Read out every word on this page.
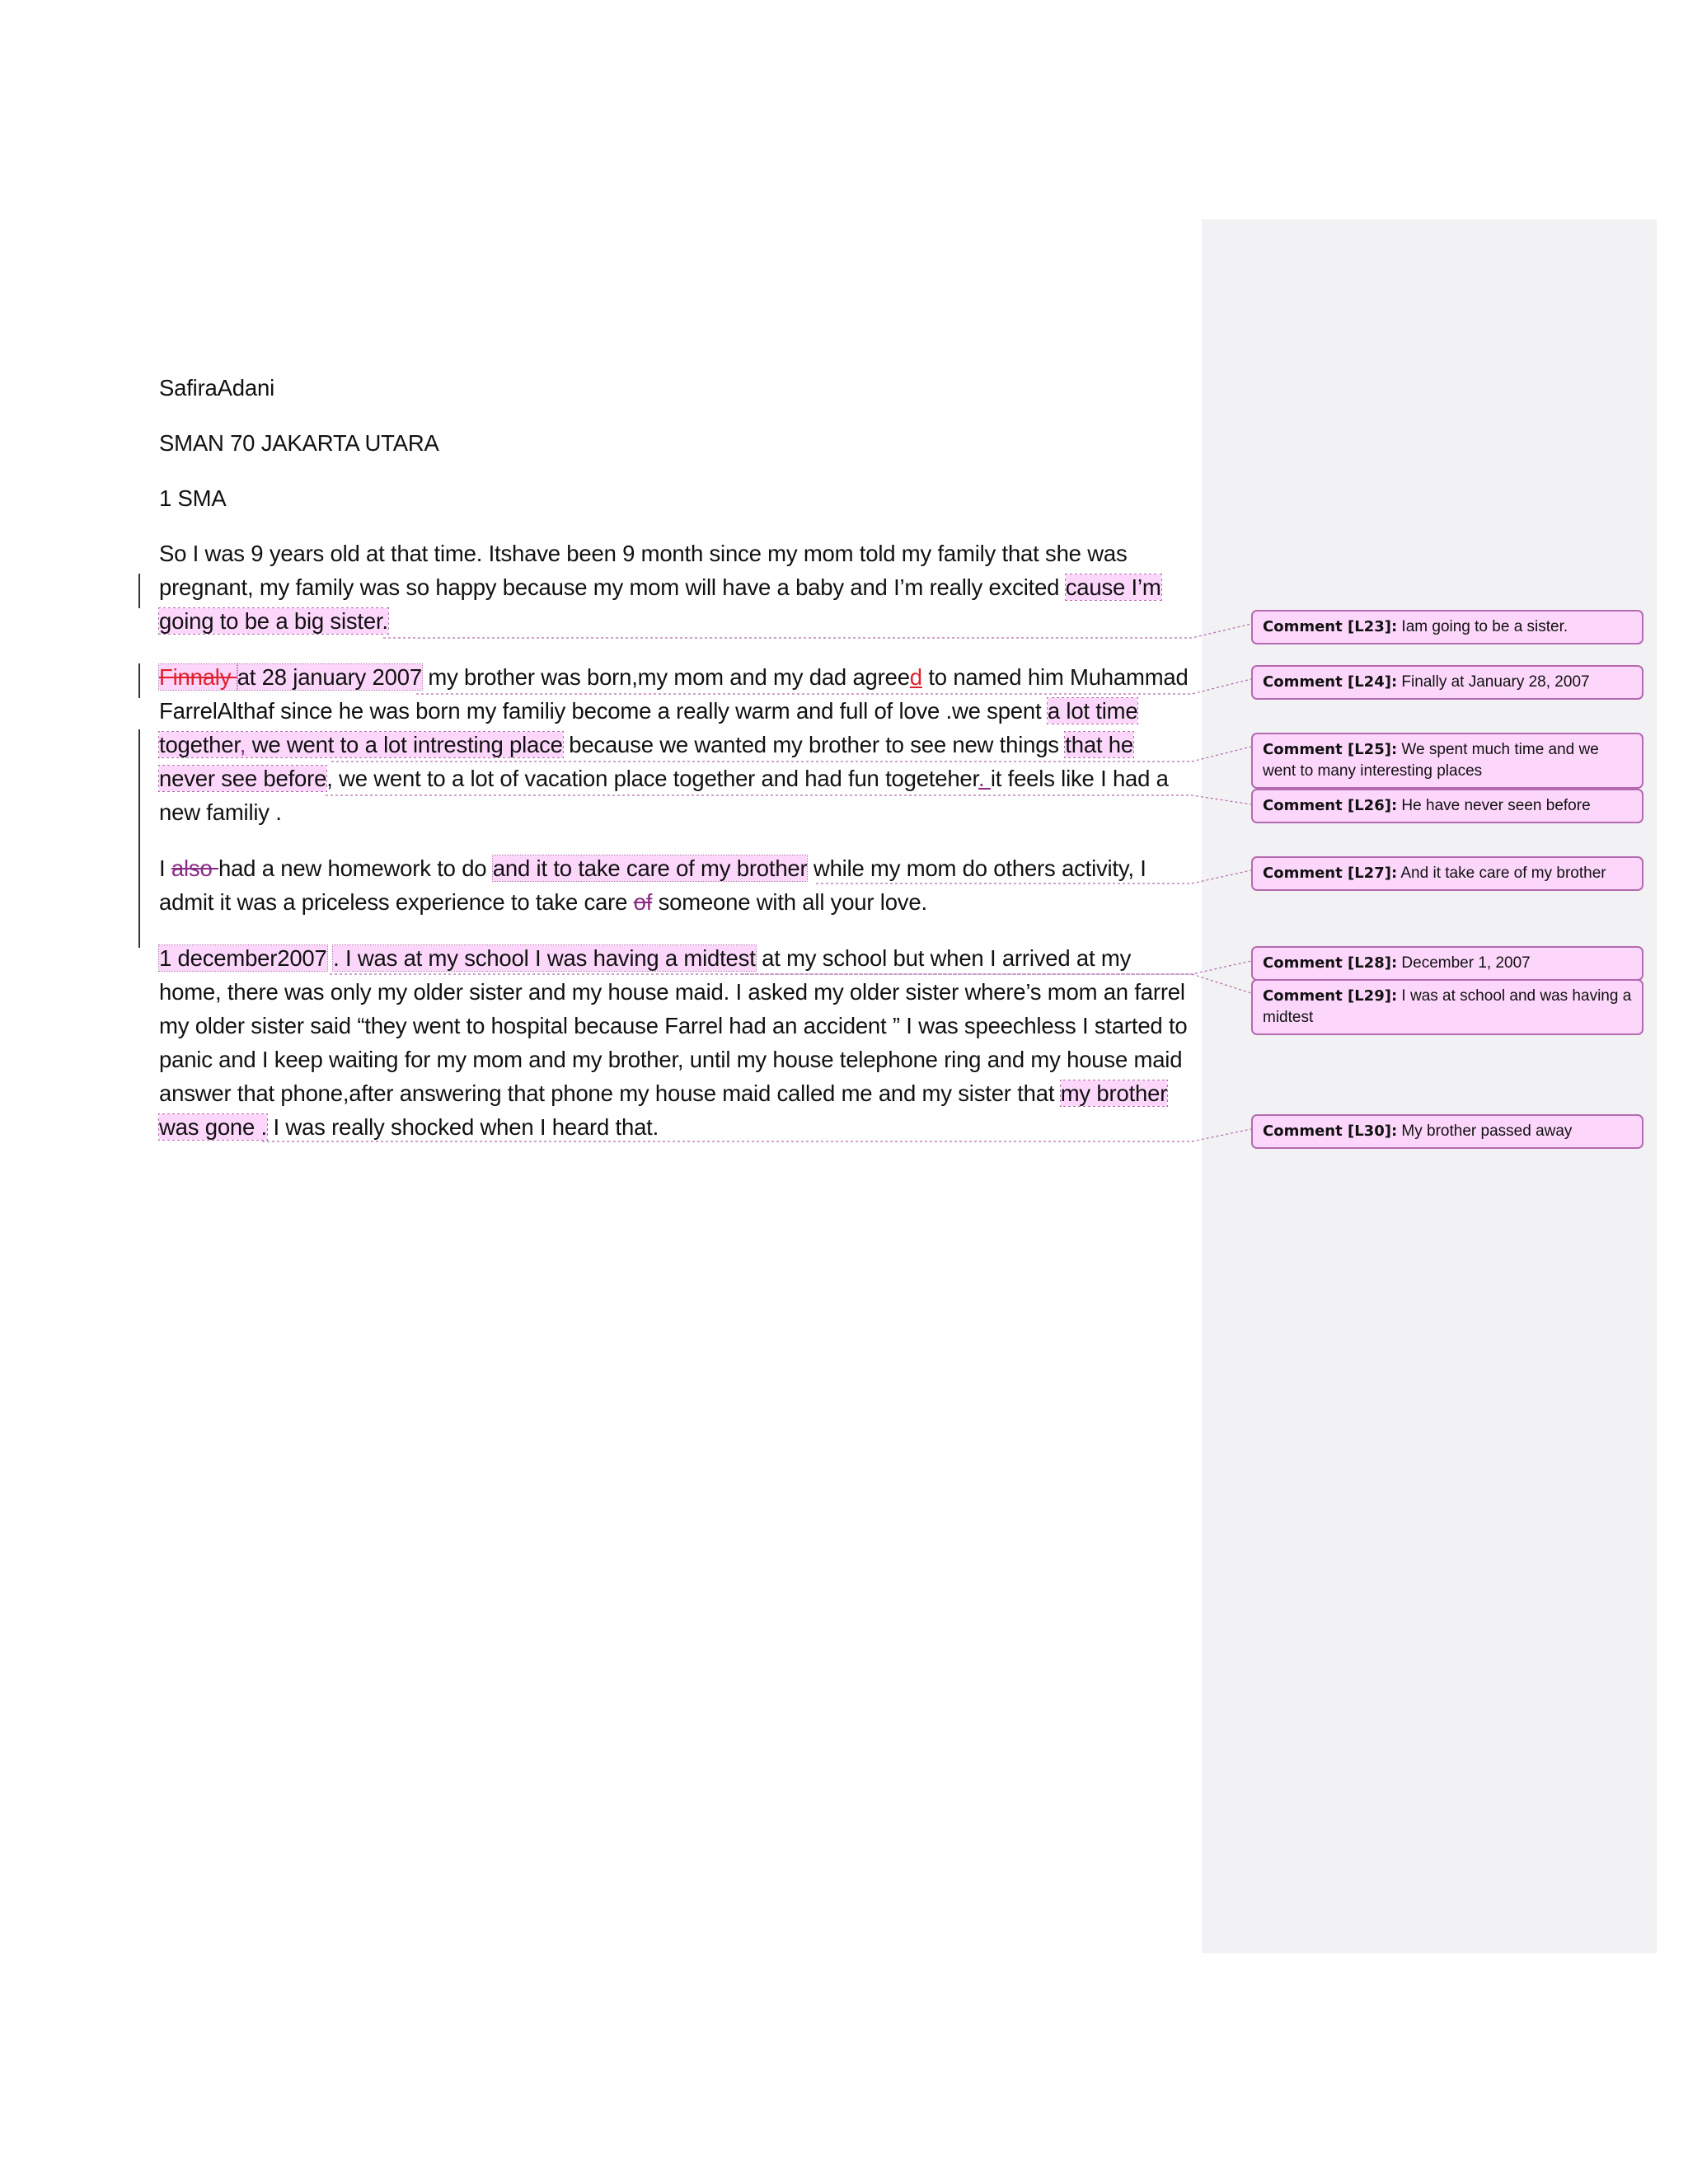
SafiraAdani

SMAN 70 JAKARTA UTARA

1 SMA

So I was 9 years old at that time. Itshave been 9 month since my mom told my family that she was pregnant, my family was so happy because my mom will have a baby and I’m really excited cause I’m going to be a big sister.

Finnaly at 28 january 2007 my brother was born,my mom and my dad agreed to named him Muhammad FarrelAlthaf since he was born my familiy become a really warm and full of love .we spent a lot time together, we went to a lot intresting place because we wanted my brother to see new things that he never see before, we went to a lot of vacation place together and had fun togeteher. it feels like I had a new familiy .

I also had a new homework to do and it to take care of my brother while my mom do others activity, I admit it was a priceless experience to take care of someone with all your love.

1 december2007 . I was at my school I was having a midtest at my school but when I arrived at my home, there was only my older sister and my house maid. I asked my older sister where’s mom an farrel my older sister said “they went to hospital because Farrel had an accident ” I was speechless I started to panic and I keep waiting for my mom and my brother, until my house telephone ring and my house maid answer that phone,after answering that phone my house maid called me and my sister that my brother was gone . I was really shocked when I heard that.

Comment [L23]: Iam going to be a sister.
Comment [L24]: Finally at January 28, 2007
Comment [L25]: We spent much time and we went to many interesting places
Comment [L26]: He have never seen before
Comment [L27]: And it take care of my brother
Comment [L28]: December 1, 2007
Comment [L29]: I was at school and was having a midtest
Comment [L30]: My brother passed away
